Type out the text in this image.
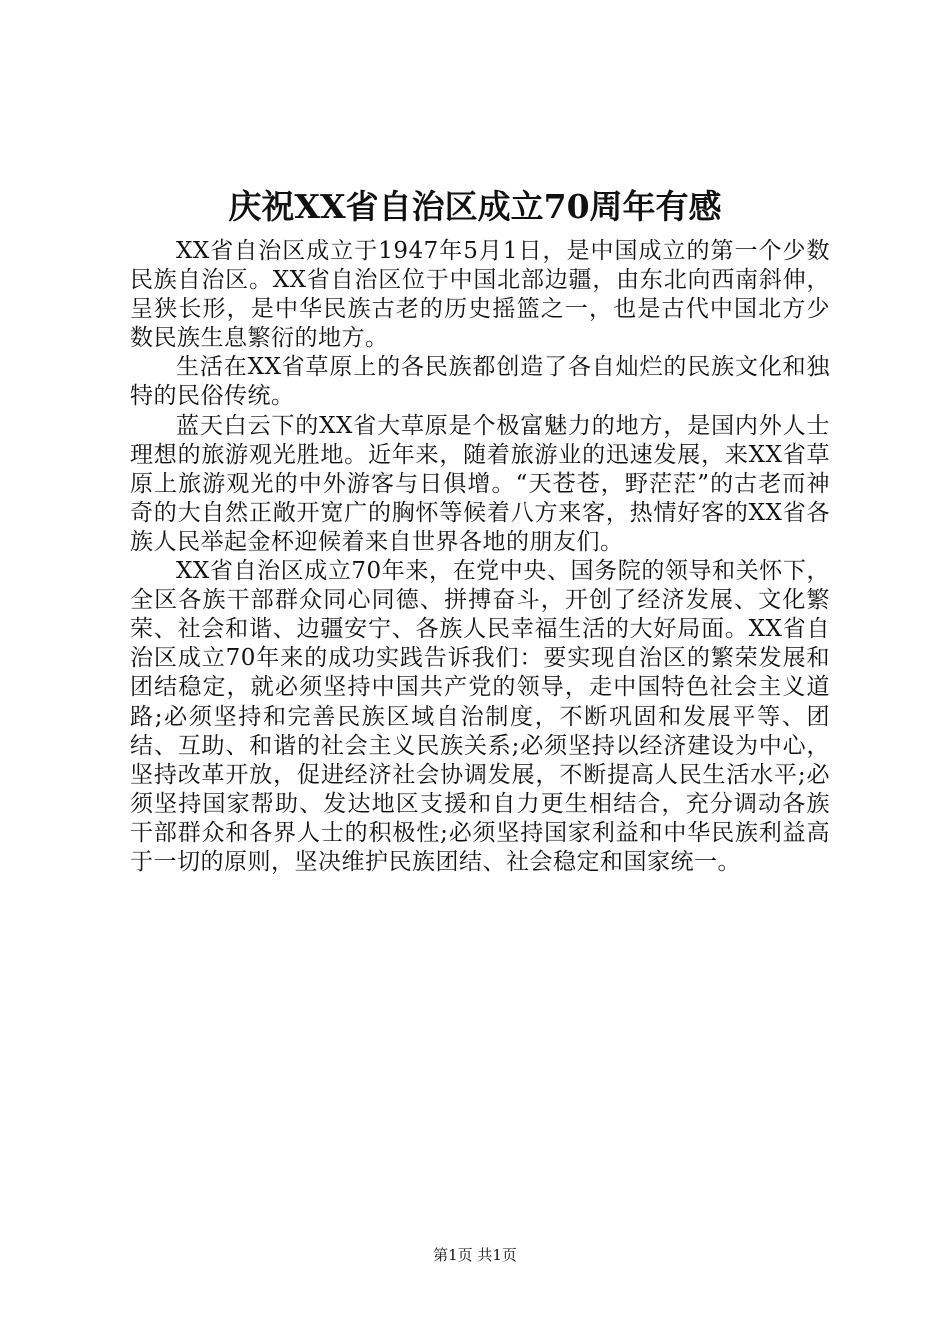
庆祝XX省自治区成立70周年有感

XX省自治区成立于1947年5月1日，是中国成立的第一个少数民族自治区。XX省自治区位于中国北部边疆，由东北向西南斜伸，呈狭长形，是中华民族古老的历史摇篮之一，也是古代中国北方少数民族生息繁衍的地方。

生活在XX省草原上的各民族都创造了各自灿烂的民族文化和独特的民俗传统。

蓝天白云下的XX省大草原是个极富魅力的地方，是国内外人士理想的旅游观光胜地。近年来，随着旅游业的迅速发展，来XX省草原上旅游观光的中外游客与日俱增。“天苍苍，野茫茫”的古老而神奇的大自然正敞开宽广的胸怀等候着八方来客，热情好客的XX省各族人民举起金杯迎候着来自世界各地的朋友们。

XX省自治区成立70年来，在党中央、国务院的领导和关怀下，全区各族干部群众同心同德、拼搏奋斗，开创了经济发展、文化繁荣、社会和谐、边疆安宁、各族人民幸福生活的大好局面。XX省自治区成立70年来的成功实践告诉我们：要实现自治区的繁荣发展和团结稳定，就必须坚持中国共产党的领导，走中国特色社会主义道路;必须坚持和完善民族区域自治制度，不断巩固和发展平等、团结、互助、和谐的社会主义民族关系;必须坚持以经济建设为中心，坚持改革开放，促进经济社会协调发展，不断提高人民生活水平;必须坚持国家帮助、发达地区支援和自力更生相结合，充分调动各族干部群众和各界人士的积极性;必须坚持国家利益和中华民族利益高于一切的原则，坚决维护民族团结、社会稳定和国家统一。

第1页 共1页
